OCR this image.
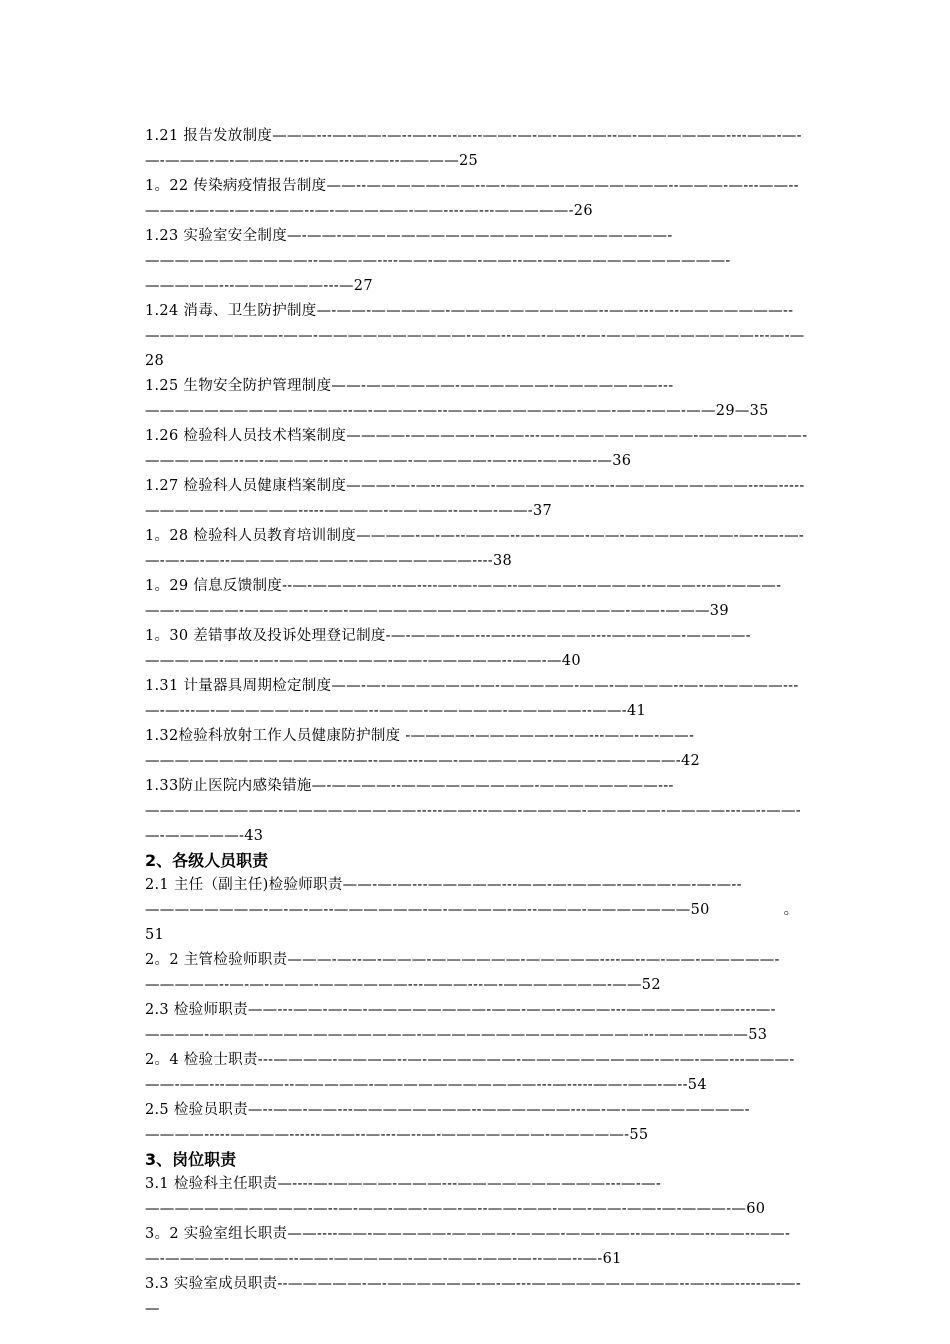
1.21 报告发放制度———---—-——-—--—--—-—--——-—-—-——-—--—-——————----——-—-—-———-—-———-—--——---—-—--————25

1。22 传染病疫情报告制度——--—————-——--—-———————————--———-—---——--———-—-—-—-—-——--—-—————-——----—---—————-26

1.23 实验室安全制度—-——-——————————————————————-———————————--————----——-———-——--—-—-———————————-—————---——————---—27

1.24 消毒、卫生防护制度—-——-—————-——————————--——---—--———————--—————————-——-——————————-——--——-——--—-——————————---—-—28

1.25 生物安全防护管理制度——-——————-——————-———————---———————————-——--—-———-—--——-—————-—-——-——-——-——29—35

1.26 检验科人员技术档案制度————-————-—-——---—-—————————-———————-——————--—-————-—-————-—————-—---—-——-—-—36

1.27 检验科人员健康档案制度———-—-—--——-—-——————--—-—————————---—-----—————-—————-----————-————--—-—-——-37

1。28 检验科人员教育培训制度————-—-—--———--—-———-——-—————-——-—--—-—-—-—-—-—--————————-————————----38

1。29 信息反馈制度--—-———-——--—----—-—-——--————-————--———---—-———-——-————-————-—-—-——————————-—-———————-——-———39

1。30 差错事故及投诉处理登记制度-—-———-—---—-----————----—-—-——-————-—————-——-—-————-———-——-—————--——-—40

1.31 计量器具周期检定制度——-—-——————-—-—————-——-————--—-—-————---—-—---—-——————-————--———-—————-—————--——-41

1.32检验科放射工作人员健康防护制度 -————-—————-—-—---——-—-——-—————————————---—--——---——-——————-———-—————-42

1.33防止医院内感染错施—-————--—————————-————————---—————————-—————————-----——---——-————-—————-————---—--——-—-—————-43

2、各级人员职责

2.1 主任（副主任)检验师职责——-—-—---—————---——-—-———-—-——-—-—-—--————————-—-—-—--——————-—-————-—--———-———————50　　　　　。　　　　　51

2。2 主管检验师职责———-—--—-———-——————-—————----—--—-——-—————-—————--—-—-———-——————---———---—-———————-——52

2.3 检验师职责——---——-—-—-————————-——-——-—-——---——————-—----—-————-——————————————-———————————————--———-———53

2。4 检验士职责---————-————--—-——————-—————————-—-—-——---———-——-——---————--—————-———————————---—-----——-——-—--54

2.5 检验员职责—--——-——---————————--——————---—-—-————————-————-----————------—-—--—---—--—-———————-—————-55

3、岗位职责

3.1 检验科主任职责—----—-————-———---——————————---—-—-———————————-—--—-——-——-——-—--——-——-——-——-——-—-———-—60

3。2 实验室组长职责——----——-—————-————-———-——-——--——-——--——--——-—-————-————--——-—————-——-——-——-—--——--—-61

3.3 实验室成员职责--—————-—-——————-—-—---——————————--—---—-----—-—-—
